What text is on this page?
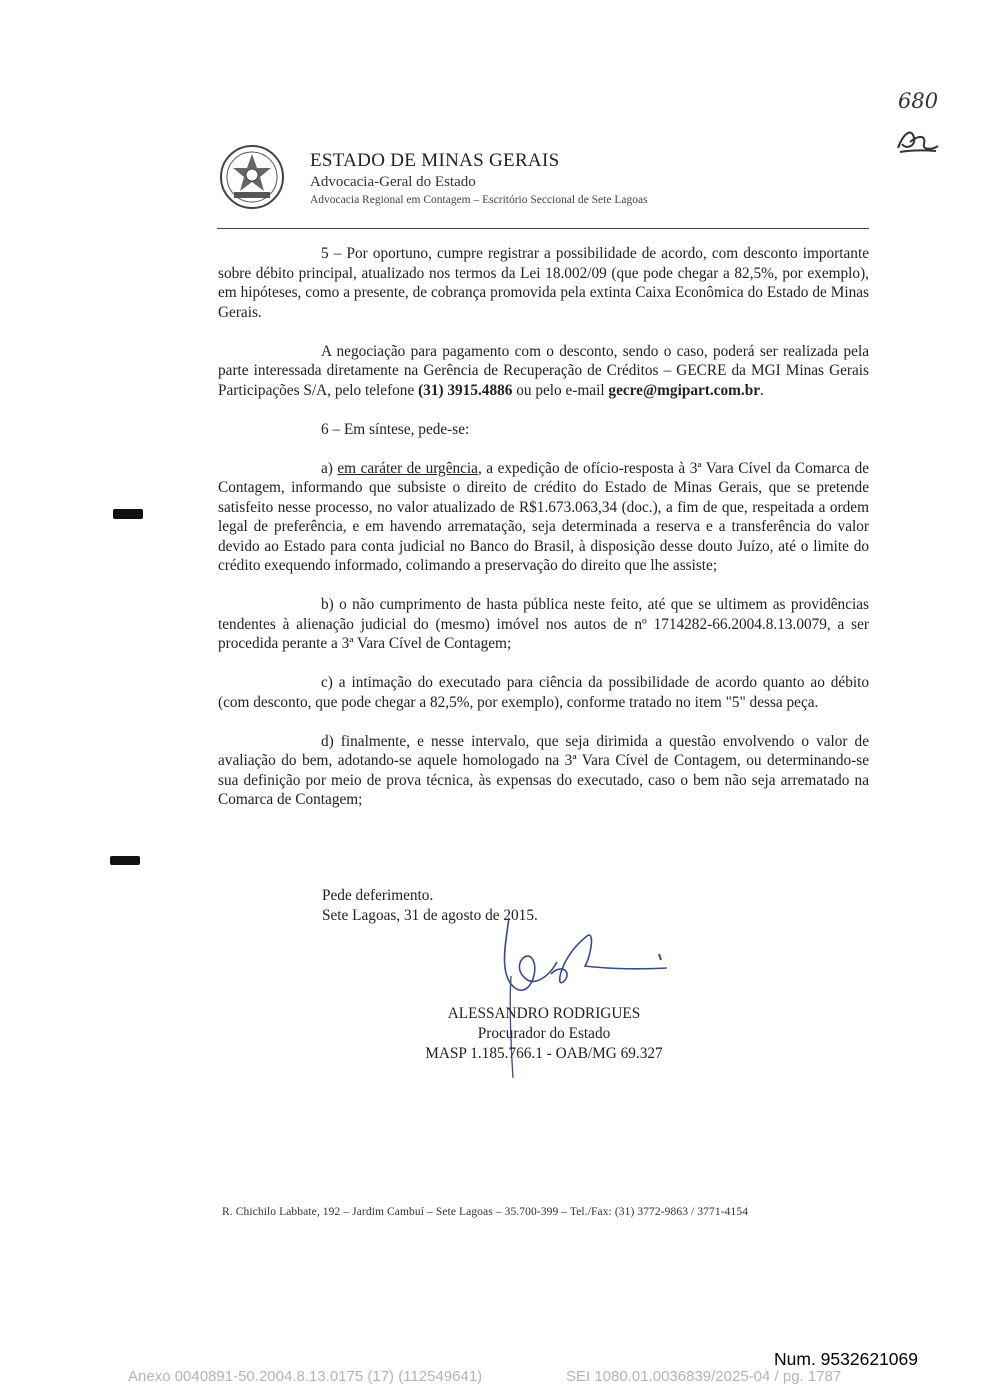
680
ESTADO DE MINAS GERAIS
Advocacia-Geral do Estado
Advocacia Regional em Contagem – Escritório Seccional de Sete Lagoas

5 – Por oportuno, cumpre registrar a possibilidade de acordo, com desconto importante sobre débito principal, atualizado nos termos da Lei 18.002/09 (que pode chegar a 82,5%, por exemplo), em hipóteses, como a presente, de cobrança promovida pela extinta Caixa Econômica do Estado de Minas Gerais.

A negociação para pagamento com o desconto, sendo o caso, poderá ser realizada pela parte interessada diretamente na Gerência de Recuperação de Créditos – GECRE da MGI Minas Gerais Participações S/A, pelo telefone (31) 3915.4886 ou pelo e-mail gecre@mgipart.com.br.

6 – Em síntese, pede-se:

a) em caráter de urgência, a expedição de ofício-resposta à 3ª Vara Cível da Comarca de Contagem, informando que subsiste o direito de crédito do Estado de Minas Gerais, que se pretende satisfeito nesse processo, no valor atualizado de R$1.673.063,34 (doc.), a fim de que, respeitada a ordem legal de preferência, e em havendo arrematação, seja determinada a reserva e a transferência do valor devido ao Estado para conta judicial no Banco do Brasil, à disposição desse douto Juízo, até o limite do crédito exequendo informado, colimando a preservação do direito que lhe assiste;

b) o não cumprimento de hasta pública neste feito, até que se ultimem as providências tendentes à alienação judicial do (mesmo) imóvel nos autos de nº 1714282-66.2004.8.13.0079, a ser procedida perante a 3ª Vara Cível de Contagem;

c) a intimação do executado para ciência da possibilidade de acordo quanto ao débito (com desconto, que pode chegar a 82,5%, por exemplo), conforme tratado no item "5" dessa peça.

d) finalmente, e nesse intervalo, que seja dirimida a questão envolvendo o valor de avaliação do bem, adotando-se aquele homologado na 3ª Vara Cível de Contagem, ou determinando-se sua definição por meio de prova técnica, às expensas do executado, caso o bem não seja arrematado na Comarca de Contagem;

Pede deferimento.
Sete Lagoas, 31 de agosto de 2015.
ALESSANDRO RODRIGUES
Procurador do Estado
MASP 1.185.766.1 - OAB/MG 69.327
R. Chichilo Labbate, 192 – Jardim Cambuí – Sete Lagoas – 35.700-399 – Tel./Fax: (31) 3772-9863 / 3771-4154
Num. 9532621069
Anexo 0040891-50.2004.8.13.0175 (17) (112549641)	SEI 1080.01.0036839/2025-04 / pg. 1787
